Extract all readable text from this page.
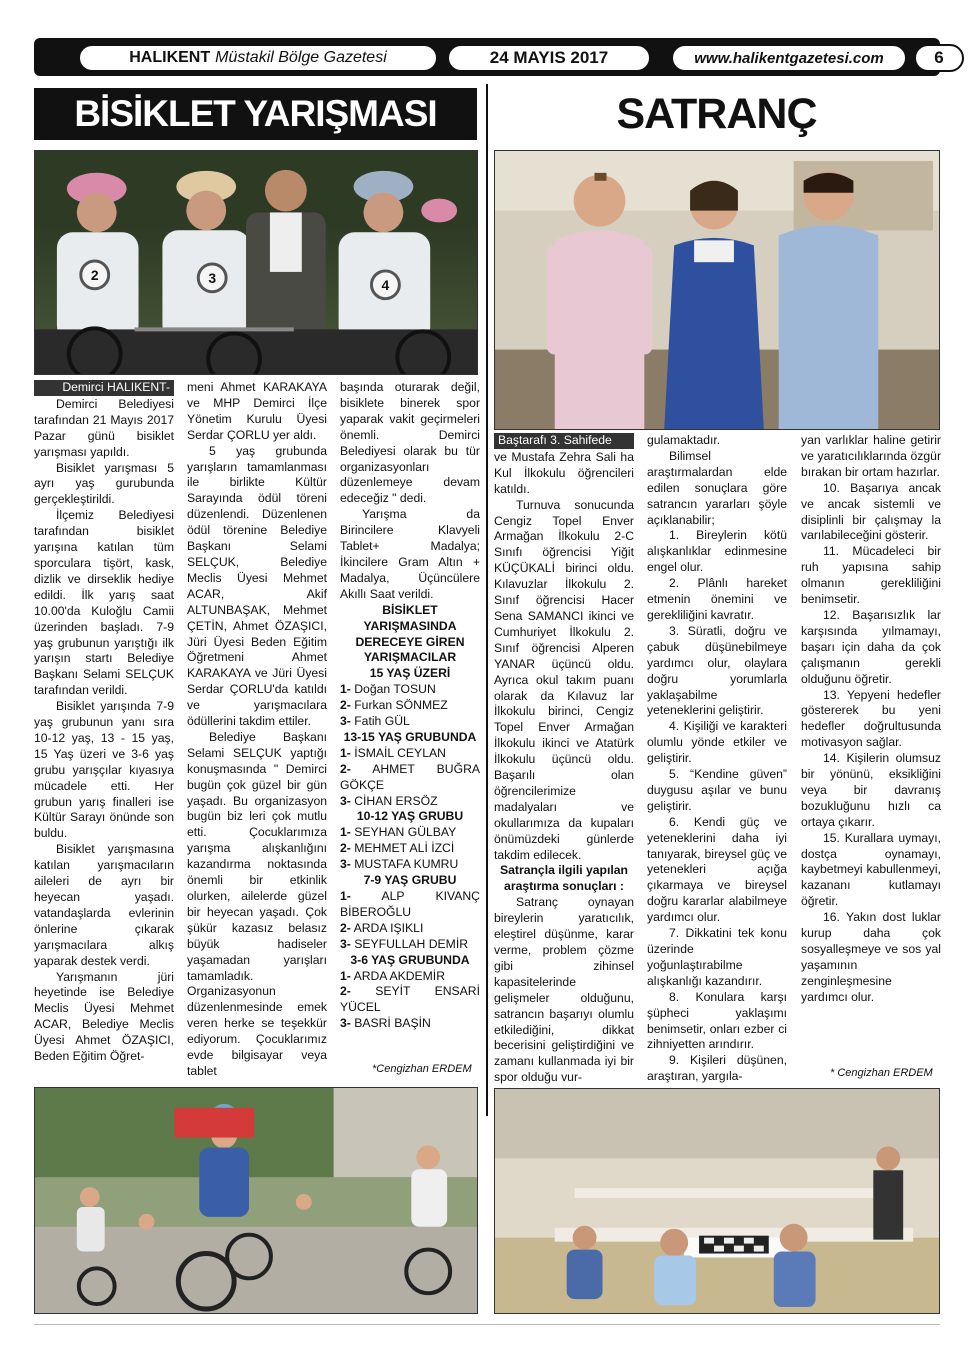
HALIKENT Müstakil Bölge Gazetesi	24 MAYIS 2017	www.halikentgazetesi.com	6
BİSİKLET YARIŞMASI	SATRANÇ
2	3	4
Demirci HALIKENT-

Demirci Belediyesi tarafından 21 Mayıs 2017 Pazar günü bisiklet yarışması yapıldı.

Bisiklet yarışması 5 ayrı yaş gurubunda gerçekleştirildi.

İlçemiz Belediyesi tarafından bisiklet yarışına katılan tüm sporculara tişört, kask, dizlik ve dirseklik hediye edildi. İlk yarış saat 10.00'da Kuloğlu Camii üzerinden başladı. 7-9 yaş grubunun yarıştığı ilk yarışın startı Belediye Başkanı Selami SELÇUK tarafından verildi.

Bisiklet yarışında 7-9 yaş grubunun yanı sıra 10-12 yaş, 13 - 15 yaş, 15 Yaş üzeri ve 3-6 yaş grubu yarışçılar kıyasıya mücadele etti. Her grubun yarış finalleri ise Kültür Sarayı önünde son buldu.

Bisiklet yarışmasına katılan yarışmacıların aileleri de ayrı bir heyecan yaşadı. vatandaşlarda evlerinin önlerine çıkarak yarışmacılara alkış yaparak destek verdi.

Yarışmanın jüri heyetinde ise Belediye Meclis Üyesi Mehmet ACAR, Belediye Meclis Üyesi Ahmet ÖZAŞICI, Beden Eğitim Öğret-

meni Ahmet KARAKAYA ve MHP Demirci İlçe Yönetim Kurulu Üyesi Serdar ÇORLU yer aldı.

5 yaş grubunda yarışların tamamlanması ile birlikte Kültür Sarayında ödül töreni düzenlendi. Düzenlenen ödül törenine Belediye Başkanı Selami SELÇUK, Belediye Meclis Üyesi Mehmet ACAR, Akif ALTUNBAŞAK, Mehmet ÇETİN, Ahmet ÖZAŞICI, Jüri Üyesi Beden Eğitim Öğretmeni Ahmet KARAKAYA ve Jüri Üyesi Serdar ÇORLU'da katıldı ve yarışmacılara ödüllerini takdim ettiler.

Belediye Başkanı Selami SELÇUK yaptığı konuşmasında " Demirci bugün çok güzel bir gün yaşadı. Bu organizasyon bugün biz leri çok mutlu etti. Çocuklarımıza yarışma alışkanlığını kazandırma noktasında önemli bir etkinlik olurken, ailelerde güzel bir heyecan yaşadı. Çok şükür kazasız belasız büyük hadiseler yaşamadan yarışları tamamladık. Organizasyonun düzenlenmesinde emek veren herke se teşekkür ediyorum. Çocuklarımız evde bilgisayar veya tablet

başında oturarak değil, bisiklete binerek spor yaparak vakit geçirmeleri önemli. Demirci Belediyesi olarak bu tür organizasyonları düzenlemeye devam edeceğiz " dedi.

Yarışma da Birincilere Klavyeli Tablet+ Madalya; İkincilere Gram Altın + Madalya, Üçüncülere Akıllı Saat verildi.

BİSİKLET YARIŞMASINDA DERECEYE GİREN YARIŞMACILAR

15 YAŞ ÜZERİ

1- Doğan TOSUN

2- Furkan SÖNMEZ

3- Fatih GÜL

13-15 YAŞ GRUBUNDA

1- İSMAİL CEYLAN

2- AHMET BUĞRA GÖKÇE

3- CİHAN ERSÖZ

10-12 YAŞ GRUBU

1- SEYHAN GÜLBAY

2- MEHMET ALİ İZCİ

3- MUSTAFA KUMRU

7-9 YAŞ GRUBU

1-	ALP KIVANÇ BİBEROĞLU

2- ARDA IŞIKLI

3- SEYFULLAH DEMİR

3-6 YAŞ GRUBUNDA

1- ARDA AKDEMİR

2- SEYİT ENSARİ YÜCEL

3- BASRİ BAŞİN

*Cengizhan ERDEM
Baştarafı 3. Sahifede

ve Mustafa Zehra Sali ha Kul İlkokulu öğrencileri katıldı.

Turnuva sonucunda Cengiz Topel Enver Armağan İlkokulu 2-C Sınıfı öğrencisi Yiğit KÜÇÜKALİ birinci oldu. Kılavuzlar İlkokulu 2. Sınıf öğrencisi Hacer Sena SAMANCI ikinci ve Cumhuriyet İlkokulu 2. Sınıf öğrencisi Alperen YANAR üçüncü oldu. Ayrıca okul takım puanı olarak da Kılavuz lar İlkokulu birinci, Cengiz Topel Enver Armağan İlkokulu ikinci ve Atatürk İlkokulu üçüncü oldu. Başarılı olan öğrencilerimize madalyaları ve okullarımıza da kupaları önümüzdeki günlerde takdim edilecek.

Satrançla ilgili yapılan araştırma sonuçları :

Satranç oynayan bireylerin yaratıcılık, eleştirel düşünme, karar verme, problem çözme gibi zihinsel kapasitelerinde gelişmeler olduğunu, satrancın başarıyı olumlu etkilediğini, dikkat becerisini geliştirdiğini ve zamanı kullanmada iyi bir spor olduğu vur-

gulamaktadır.

Bilimsel araştırmalardan elde edilen sonuçlara göre satrancın yararları şöyle açıklanabilir;

1. Bireylerin kötü alışkanlıklar edinmesine engel olur.

2. Plânlı hareket etmenin önemini ve gerekliliğini kavratır.

3. Süratli, doğru ve çabuk düşünebilmeye yardımcı olur, olaylara doğru yorumlarla yaklaşabilme yeteneklerini geliştirir.

4. Kişiliği ve karakteri olumlu yönde etkiler ve geliştirir.

5. “Kendine güven” duygusu aşılar ve bunu geliştirir.

6. Kendi güç ve yeteneklerini daha iyi tanıyarak, bireysel güç ve yetenekleri açığa çıkarmaya ve bireysel doğru kararlar alabilmeye yardımcı olur.

7. Dikkatini tek konu üzerinde yoğunlaştırabilme alışkanlığı kazandırır.

8. Konulara karşı şüpheci yaklaşımı benimsetir, onları ezber ci zihniyetten arındırır.

9. Kişileri düşünen, araştıran, yargıla-

yan varlıklar haline getirir ve yaratıcılıklarında özgür bırakan bir ortam hazırlar.

10. Başarıya ancak ve ancak sistemli ve disiplinli bir çalışmay la varılabileceğini gösterir.

11. Mücadeleci bir ruh yapısına sahip olmanın gerekliliğini benimsetir.

12. Başarısızlık lar karşısında yılmamayı, başarı için daha da çok çalışmanın gerekli olduğunu öğretir.

13. Yepyeni hedefler göstererek bu yeni hedefler doğrultusunda motivasyon sağlar.

14. Kişilerin olumsuz bir yönünü, eksikliğini veya bir davranış bozukluğunu hızlı ca ortaya çıkarır.

15. Kurallara uymayı, dostça oynamayı, kaybetmeyi kabullenmeyi, kazananı kutlamayı öğretir.

16. Yakın dost luklar kurup daha çok sosyalleşmeye ve sos yal yaşamının zenginleşmesine yardımcı olur.

* Cengizhan ERDEM
